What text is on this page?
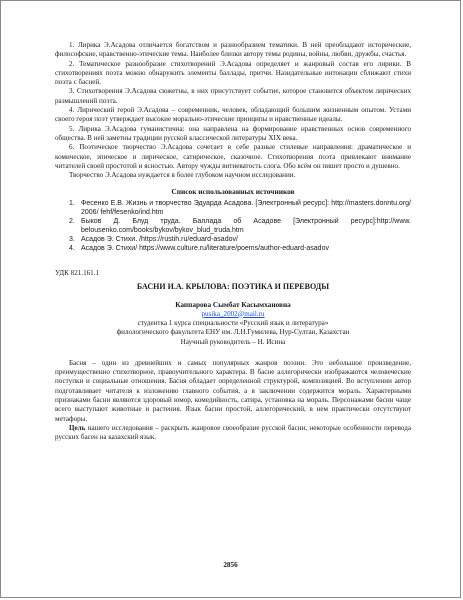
1. Лирика Э.Асадова отличается богатством и разнообразием тематики. В ней преобладают исторические, философские, нравственно-этические темы. Наиболее близки автору темы родины, войны, любви, дружбы, счастья.

2. Тематическое разнообразие стихотворений Э.Асадова определяет и жанровый состав его лирики. В стихотворениях поэта можно обнаружить элементы баллады, притчи. Назидательные интонации сближают стихи поэта с басней.

3. Стихотворения Э.Асадова сюжетны, в них присутствует событие, которое становится объектом лирических размышлений поэта.

4. Лирический герой Э.Асадова – современник, человек, обладающий большим жизненным опытом. Устами своего героя поэт утверждает высокие морально-этические принципы и нравственные идеалы.

5. Лирика Э.Асадова гуманистична: она направлена на формирование нравственных основ современного общества. В ней заметны традиции русской классической литературы XIX века.

6. Поэтическое творчество Э.Асадова сочетает в себе разные стилевые направления: драматическое и комическое, эпическое и лирическое, сатирическое, сказочное. Стихотворения поэта привлекают внимание читателей своей простотой и ясностью. Автору чужды витиеватость слога. Обо всём он пишет просто и душевно.

Творчество Э.Асадова нуждается в более глубоком научном исследовании.

Список использованных источников
1. Фесенко Е.В. Жизнь и творчество Эдуарда Асадова. [Электронный ресурс]: http://masters.donntu.org/ 2006/ fehf/fesenko/ind.htm
2. Быков Д. Блуд труда. Баллада об Асадове [Электронный ресурс]:http://www. belousenko.com/books/bykov/bykov_blud_truda.htm
3. Асадов Э. Стихи. /https://rustih.ru/eduard-asadov/
4. Асадов Э. Стихи/ https://www.culture.ru/literature/poems/author-eduard-asadov
УДК 821.161.1
БАСНИ И.А. КРЫЛОВА: ПОЭТИКА И ПЕРЕВОДЫ
Каппарова Сымбат Касымхановна
pusika_2002@mail.ru
студентка 1 курса специальности «Русский язык и литература»
филологического факультета ЕНУ им. Л.Н.Гумилева, Нур-Султан, Казахстан
Научный руководитель – Н. Исина

Басня – один из древнейших и самых популярных жанров поэзии. Это небольшое произведение, преимущественно стихотворное, правоучительного характера. В басне аллегорически изображаются человеческие поступки и социальные отношения. Басня обладает определенной структурой, композицией. Во вступлении автор подготавливает читателя к изложению главного события, а в заключении содержится мораль. Характерными признаками басни являются здоровый юмор, комедийность, сатира, установка на мораль. Персонажами басни чаще всего выступают животные и растения. Язык басни простой, аллегорический, в нем практически отсутствуют метафоры.

Цель нашего исследования – раскрыть жанровое своеобразие русской басни, некоторые особенности перевода русских басен на казахский язык.

2856
